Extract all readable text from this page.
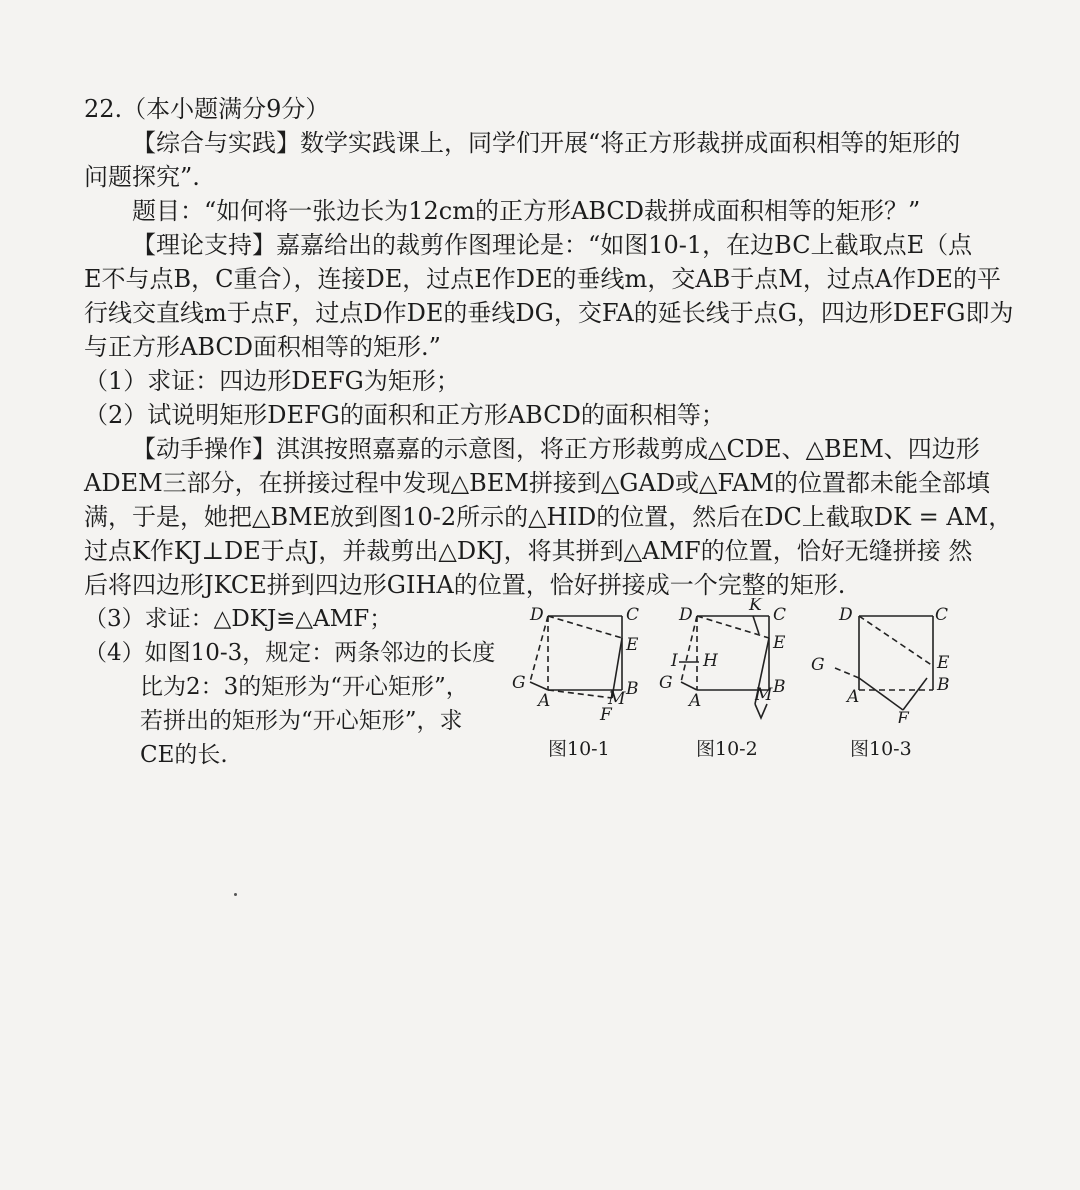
22.（本小题满分9分）
【综合与实践】数学实践课上，同学们开展“将正方形裁拼成面积相等的矩形的
问题探究”.
题目：“如何将一张边长为12cm的正方形ABCD裁拼成面积相等的矩形？”
【理论支持】嘉嘉给出的裁剪作图理论是：“如图10-1，在边BC上截取点E（点
E不与点B，C重合），连接DE，过点E作DE的垂线m，交AB于点M，过点A作DE的平
行线交直线m于点F，过点D作DE的垂线DG，交FA的延长线于点G，四边形DEFG即为
与正方形ABCD面积相等的矩形.”
（1）求证：四边形DEFG为矩形；
（2）试说明矩形DEFG的面积和正方形ABCD的面积相等；
【动手操作】淇淇按照嘉嘉的示意图，将正方形裁剪成△CDE、△BEM、四边形
ADEM三部分，在拼接过程中发现△BEM拼接到△GAD或△FAM的位置都未能全部填
满，于是，她把△BME放到图10-2所示的△HID的位置，然后在DC上截取DK = AM，
过点K作KJ⊥DE于点J，并裁剪出△DKJ，将其拼到△AMF的位置，恰好无缝拼接 然
后将四边形JKCE拼到四边形GIHA的位置，恰好拼接成一个完整的矩形.
（3）求证：△DKJ≌△AMF；
（4）如图10-3，规定：两条邻边的长度
比为2：3的矩形为“开心矩形”，
若拼出的矩形为“开心矩形”，求
CE的长.
D	C
E
G
A
B
M
F
D	K C
E
I H
G
A
B
M
D	C
G	E
A
B
F
图10-1	图10-2	图10-3
